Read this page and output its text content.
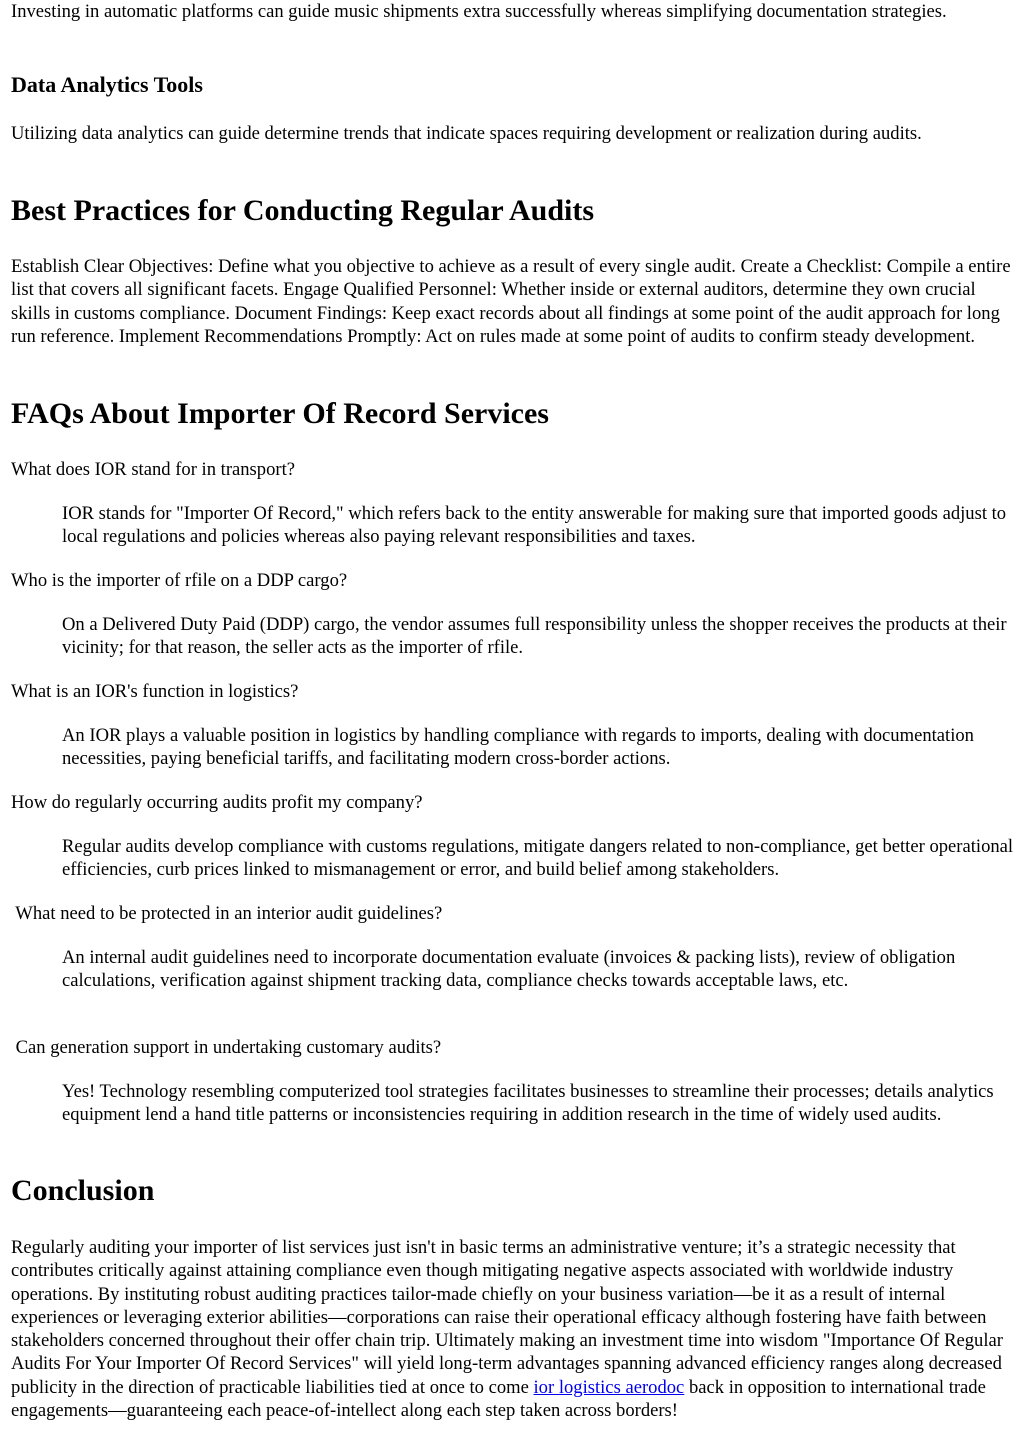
Investing in automatic platforms can guide music shipments extra successfully whereas simplifying documentation strategies.

Data Analytics Tools

Utilizing data analytics can guide determine trends that indicate spaces requiring development or realization during audits.

Best Practices for Conducting Regular Audits

Establish Clear Objectives: Define what you objective to achieve as a result of every single audit. Create a Checklist: Compile a entire list that covers all significant facets. Engage Qualified Personnel: Whether inside or external auditors, determine they own crucial skills in customs compliance. Document Findings: Keep exact records about all findings at some point of the audit approach for long run reference. Implement Recommendations Promptly: Act on rules made at some point of audits to confirm steady development.

FAQs About Importer Of Record Services

What does IOR stand for in transport?

IOR stands for "Importer Of Record," which refers back to the entity answerable for making sure that imported goods adjust to local regulations and policies whereas also paying relevant responsibilities and taxes.

Who is the importer of rfile on a DDP cargo?

On a Delivered Duty Paid (DDP) cargo, the vendor assumes full responsibility unless the shopper receives the products at their vicinity; for that reason, the seller acts as the importer of rfile.

What is an IOR's function in logistics?

An IOR plays a valuable position in logistics by handling compliance with regards to imports, dealing with documentation necessities, paying beneficial tariffs, and facilitating modern cross-border actions.

How do regularly occurring audits profit my company?

Regular audits develop compliance with customs regulations, mitigate dangers related to non-compliance, get better operational efficiencies, curb prices linked to mismanagement or error, and build belief among stakeholders.

What need to be protected in an interior audit guidelines?

An internal audit guidelines need to incorporate documentation evaluate (invoices & packing lists), review of obligation calculations, verification against shipment tracking data, compliance checks towards acceptable laws, etc.

Can generation support in undertaking customary audits?

Yes! Technology resembling computerized tool strategies facilitates businesses to streamline their processes; details analytics equipment lend a hand title patterns or inconsistencies requiring in addition research in the time of widely used audits.

Conclusion

Regularly auditing your importer of list services just isn't in basic terms an administrative venture; it’s a strategic necessity that contributes critically against attaining compliance even though mitigating negative aspects associated with worldwide industry operations. By instituting robust auditing practices tailor-made chiefly on your business variation—be it as a result of internal experiences or leveraging exterior abilities—corporations can raise their operational efficacy although fostering have faith between stakeholders concerned throughout their offer chain trip. Ultimately making an investment time into wisdom "Importance Of Regular Audits For Your Importer Of Record Services" will yield long-term advantages spanning advanced efficiency ranges along decreased publicity in the direction of practicable liabilities tied at once to come ior logistics aerodoc back in opposition to international trade engagements—guaranteeing each peace-of-intellect along each step taken across borders!
